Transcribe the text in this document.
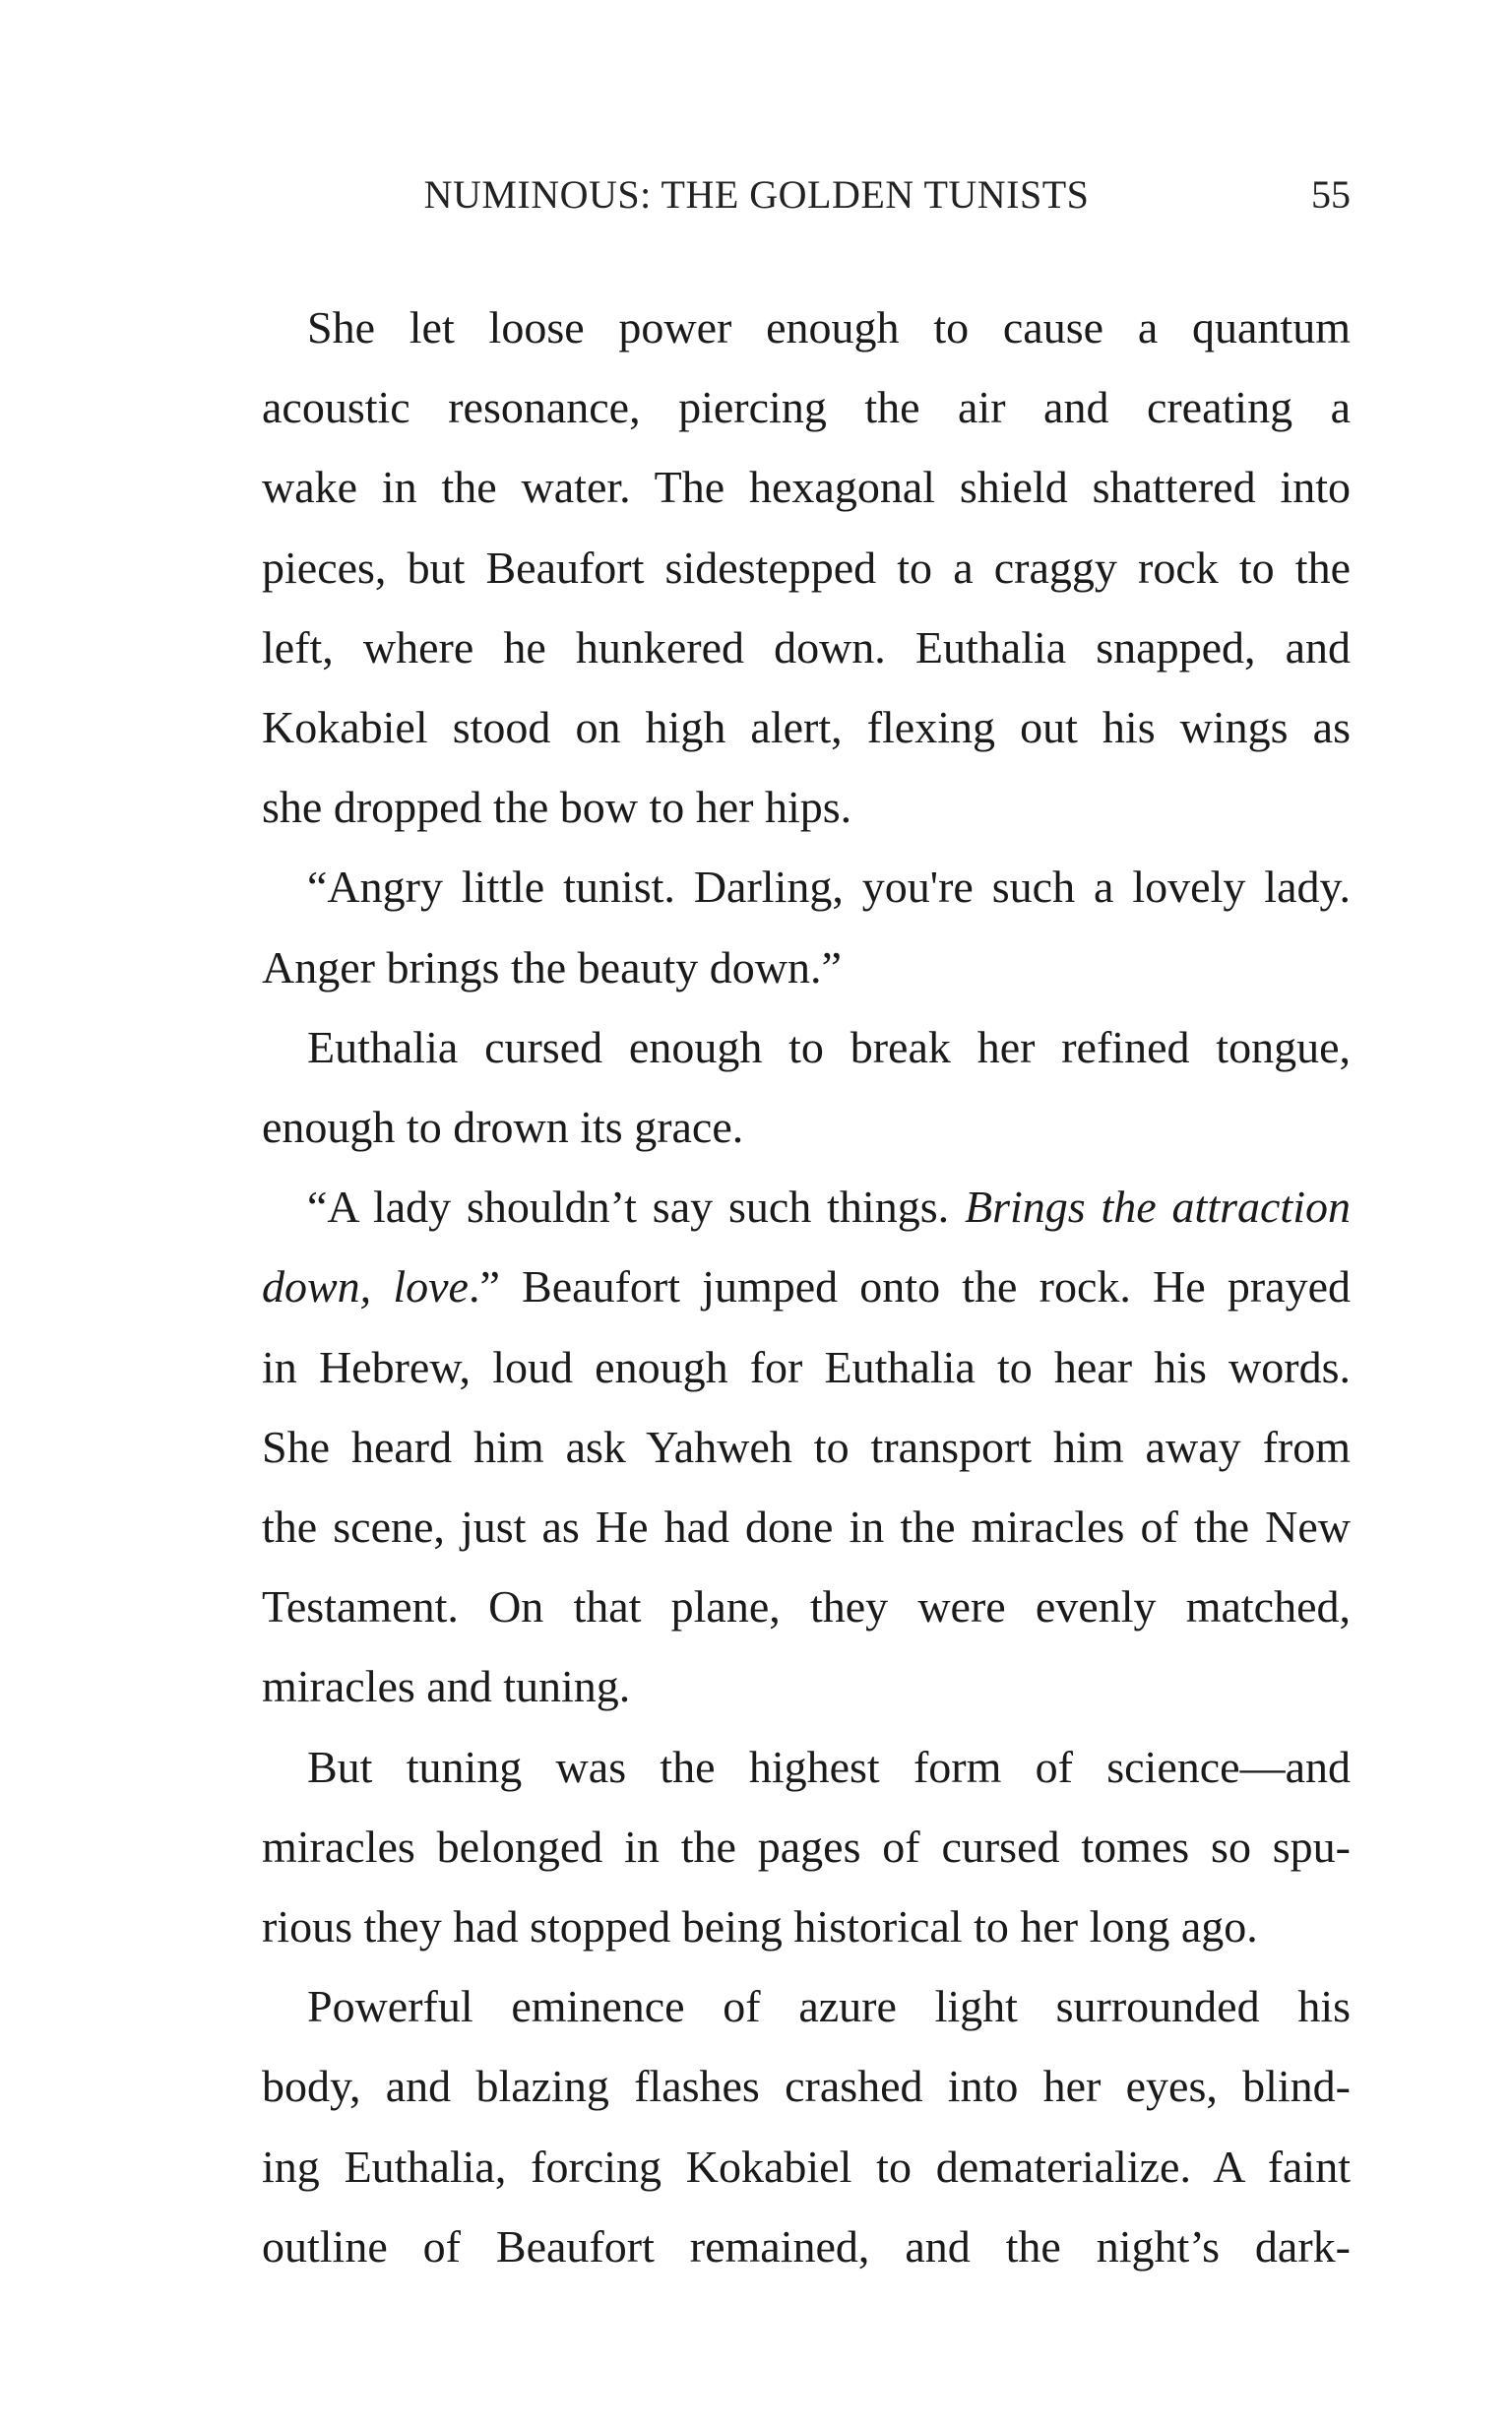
NUMINOUS: THE GOLDEN TUNISTS	55
She let loose power enough to cause a quantum
acoustic resonance, piercing the air and creating a
wake in the water. The hexagonal shield shattered into
pieces, but Beaufort sidestepped to a craggy rock to the
left, where he hunkered down. Euthalia snapped, and
Kokabiel stood on high alert, flexing out his wings as
she dropped the bow to her hips.
“Angry little tunist. Darling, you're such a lovely lady.
Anger brings the beauty down.”
Euthalia cursed enough to break her refined tongue,
enough to drown its grace.
“A lady shouldn’t say such things. Brings the attraction
down, love.” Beaufort jumped onto the rock. He prayed
in Hebrew, loud enough for Euthalia to hear his words.
She heard him ask Yahweh to transport him away from
the scene, just as He had done in the miracles of the New
Testament. On that plane, they were evenly matched,
miracles and tuning.
But tuning was the highest form of science—and
miracles belonged in the pages of cursed tomes so spu-
rious they had stopped being historical to her long ago.
Powerful eminence of azure light surrounded his
body, and blazing flashes crashed into her eyes, blind-
ing Euthalia, forcing Kokabiel to dematerialize. A faint
outline of Beaufort remained, and the night’s dark-
